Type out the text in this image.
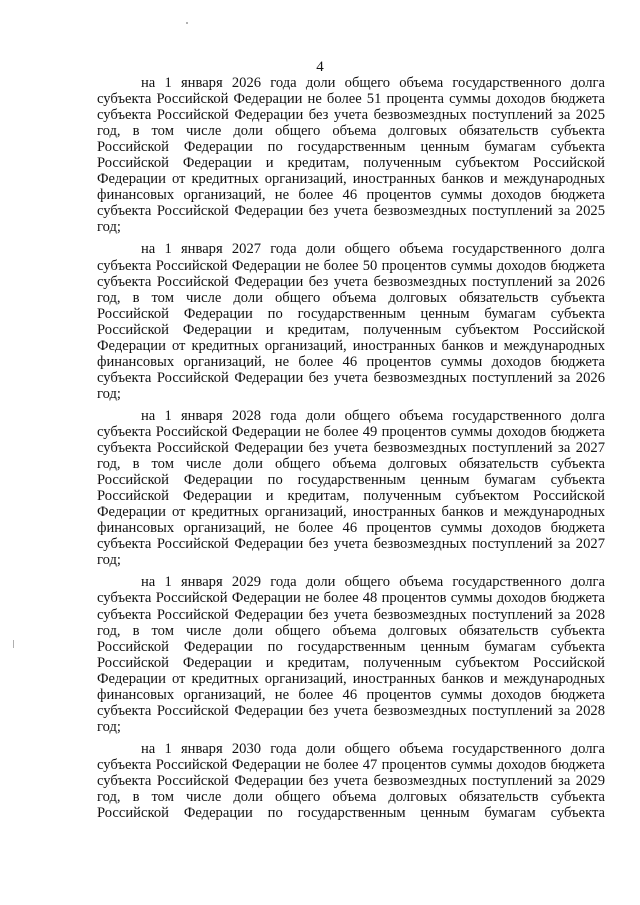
4
на 1 января 2026 года доли общего объема государственного долга
субъекта Российской Федерации не более 51 процента суммы доходов бюджета
субъекта Российской Федерации без учета безвозмездных поступлений за 2025
год, в том числе доли общего объема долговых обязательств субъекта
Российской Федерации по государственным ценным бумагам субъекта
Российской Федерации и кредитам, полученным субъектом Российской
Федерации от кредитных организаций, иностранных банков и международных
финансовых организаций, не более 46 процентов суммы доходов бюджета
субъекта Российской Федерации без учета безвозмездных поступлений за 2025
год;
на 1 января 2027 года доли общего объема государственного долга
субъекта Российской Федерации не более 50 процентов суммы доходов бюджета
субъекта Российской Федерации без учета безвозмездных поступлений за 2026
год, в том числе доли общего объема долговых обязательств субъекта
Российской Федерации по государственным ценным бумагам субъекта
Российской Федерации и кредитам, полученным субъектом Российской
Федерации от кредитных организаций, иностранных банков и международных
финансовых организаций, не более 46 процентов суммы доходов бюджета
субъекта Российской Федерации без учета безвозмездных поступлений за 2026
год;
на 1 января 2028 года доли общего объема государственного долга
субъекта Российской Федерации не более 49 процентов суммы доходов бюджета
субъекта Российской Федерации без учета безвозмездных поступлений за 2027
год, в том числе доли общего объема долговых обязательств субъекта
Российской Федерации по государственным ценным бумагам субъекта
Российской Федерации и кредитам, полученным субъектом Российской
Федерации от кредитных организаций, иностранных банков и международных
финансовых организаций, не более 46 процентов суммы доходов бюджета
субъекта Российской Федерации без учета безвозмездных поступлений за 2027
год;
на 1 января 2029 года доли общего объема государственного долга
субъекта Российской Федерации не более 48 процентов суммы доходов бюджета
субъекта Российской Федерации без учета безвозмездных поступлений за 2028
год, в том числе доли общего объема долговых обязательств субъекта
Российской Федерации по государственным ценным бумагам субъекта
Российской Федерации и кредитам, полученным субъектом Российской
Федерации от кредитных организаций, иностранных банков и международных
финансовых организаций, не более 46 процентов суммы доходов бюджета
субъекта Российской Федерации без учета безвозмездных поступлений за 2028
год;
на 1 января 2030 года доли общего объема государственного долга
субъекта Российской Федерации не более 47 процентов суммы доходов бюджета
субъекта Российской Федерации без учета безвозмездных поступлений за 2029
год, в том числе доли общего объема долговых обязательств субъекта
Российской Федерации по государственным ценным бумагам субъекта
